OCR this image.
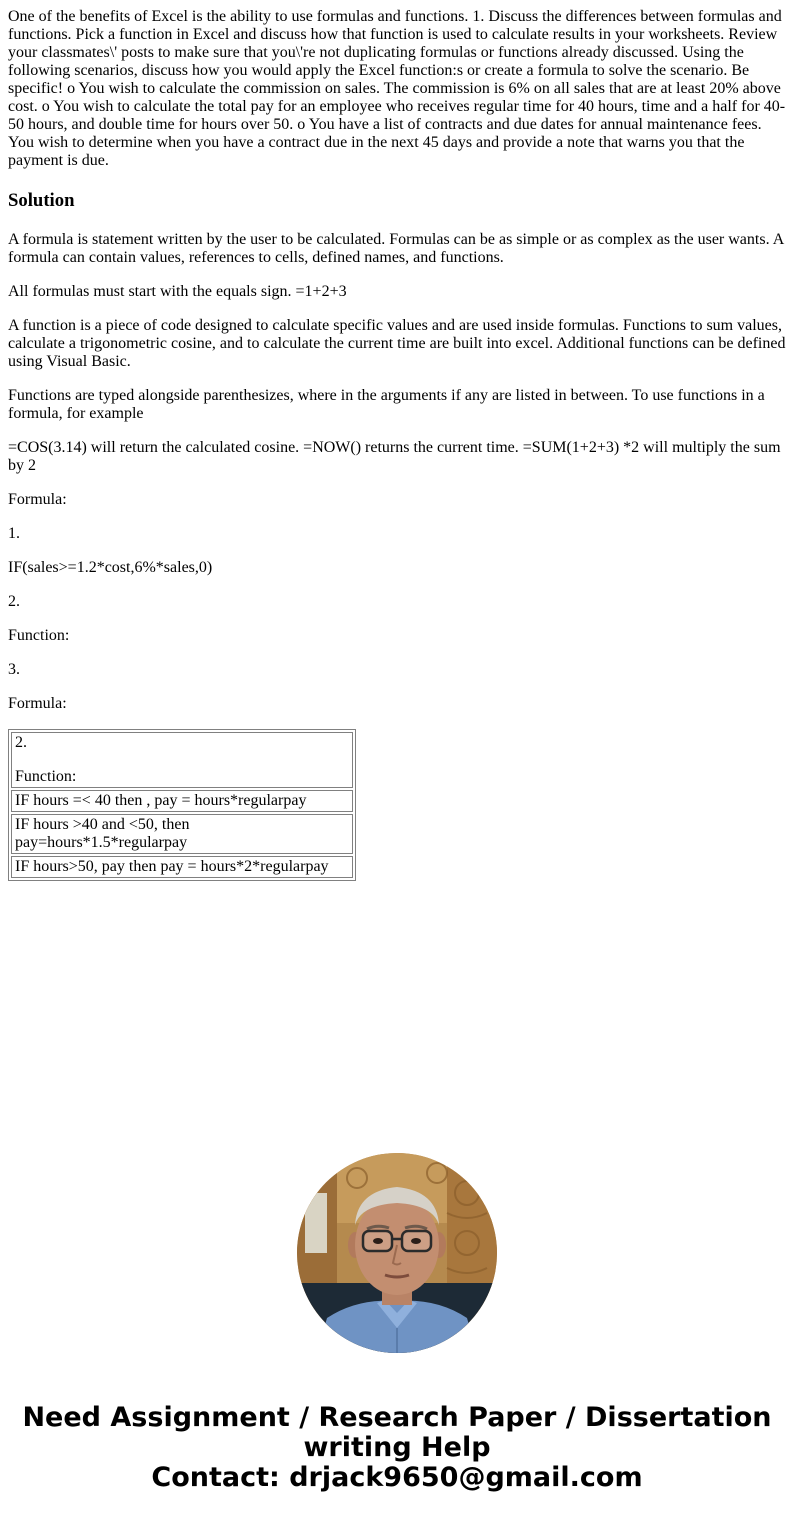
One of the benefits of Excel is the ability to use formulas and functions. 1. Discuss the differences between formulas and functions. Pick a function in Excel and discuss how that function is used to calculate results in your worksheets. Review your classmates\' posts to make sure that you\'re not duplicating formulas or functions already discussed. Using the following scenarios, discuss how you would apply the Excel function:s or create a formula to solve the scenario. Be specific! o You wish to calculate the commission on sales. The commission is 6% on all sales that are at least 20% above cost. o You wish to calculate the total pay for an employee who receives regular time for 40 hours, time and a half for 40-50 hours, and double time for hours over 50. o You have a list of contracts and due dates for annual maintenance fees. You wish to determine when you have a contract due in the next 45 days and provide a note that warns you that the payment is due.

Solution

A formula is statement written by the user to be calculated. Formulas can be as simple or as complex as the user wants. A formula can contain values, references to cells, defined names, and functions.

All formulas must start with the equals sign. =1+2+3

A function is a piece of code designed to calculate specific values and are used inside formulas. Functions to sum values, calculate a trigonometric cosine, and to calculate the current time are built into excel. Additional functions can be defined using Visual Basic.

Functions are typed alongside parenthesizes, where in the arguments if any are listed in between. To use functions in a formula, for example

=COS(3.14) will return the calculated cosine. =NOW() returns the current time. =SUM(1+2+3) *2 will multiply the sum by 2

Formula:

1.

IF(sales>=1.2*cost,6%*sales,0)

2.

Function:

3.

Formula:

2.
Function:

IF hours =< 40 then , pay = hours*regularpay
IF hours >40 and <50, then pay=hours*1.5*regularpay
IF hours>50, pay then pay = hours*2*regularpay
Need Assignment / Research Paper / Dissertation
writing Help
Contact: drjack9650@gmail.com
